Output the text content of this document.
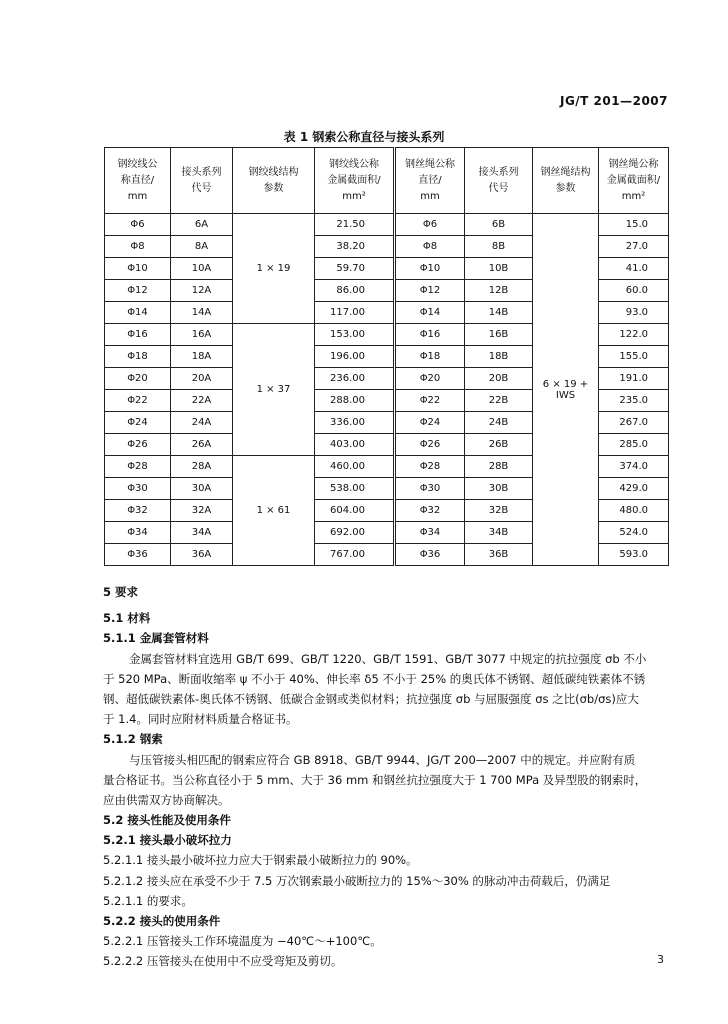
JG/T 201—2007
表 1 钢索公称直径与接头系列
钢绞线公
称直径/
mm	接头系列
代号	钢绞线结构
参数	钢绞线公称
金属截面积/
mm²	钢丝绳公称
直径/
mm	接头系列
代号	钢丝绳结构
参数	钢丝绳公称
金属截面积/
mm²
Φ6	6A	1 × 19	21.50	Φ6	6B	6 × 19 + IWS	15.0
Φ8	8A		38.20	Φ8	8B		27.0
Φ10	10A		59.70	Φ10	10B		41.0
Φ12	12A		86.00	Φ12	12B		60.0
Φ14	14A		117.00	Φ14	14B		93.0
Φ16	16A	1 × 37	153.00	Φ16	16B		122.0
Φ18	18A		196.00	Φ18	18B		155.0
Φ20	20A		236.00	Φ20	20B		191.0
Φ22	22A		288.00	Φ22	22B		235.0
Φ24	24A		336.00	Φ24	24B		267.0
Φ26	26A		403.00	Φ26	26B		285.0
Φ28	28A	1 × 61	460.00	Φ28	28B		374.0
Φ30	30A		538.00	Φ30	30B		429.0
Φ32	32A		604.00	Φ32	32B		480.0
Φ34	34A		692.00	Φ34	34B		524.0
Φ36	36A		767.00	Φ36	36B		593.0
5 要求
5.1 材料
5.1.1 金属套管材料
金属套管材料宜选用 GB/T 699、GB/T 1220、GB/T 1591、GB/T 3077 中规定的抗拉强度 σb 不小
于 520 MPa、断面收缩率 ψ 不小于 40%、伸长率 δ5 不小于 25% 的奥氏体不锈钢、超低碳纯铁素体不锈
钢、超低碳铁素体-奥氏体不锈钢、低碳合金钢或类似材料；抗拉强度 σb 与屈服强度 σs 之比(σb/σs)应大
于 1.4。同时应附材料质量合格证书。
5.1.2 钢索
与压管接头相匹配的钢索应符合 GB 8918、GB/T 9944、JG/T 200—2007 中的规定。并应附有质
量合格证书。当公称直径小于 5 mm、大于 36 mm 和钢丝抗拉强度大于 1 700 MPa 及异型股的钢索时，
应由供需双方协商解决。
5.2 接头性能及使用条件
5.2.1 接头最小破坏拉力
5.2.1.1 接头最小破坏拉力应大于钢索最小破断拉力的 90%。
5.2.1.2 接头应在承受不少于 7.5 万次钢索最小破断拉力的 15%～30% 的脉动冲击荷载后，仍满足
5.2.1.1 的要求。
5.2.2 接头的使用条件
5.2.2.1 压管接头工作环境温度为 −40℃～+100℃。
5.2.2.2 压管接头在使用中不应受弯矩及剪切。	3
